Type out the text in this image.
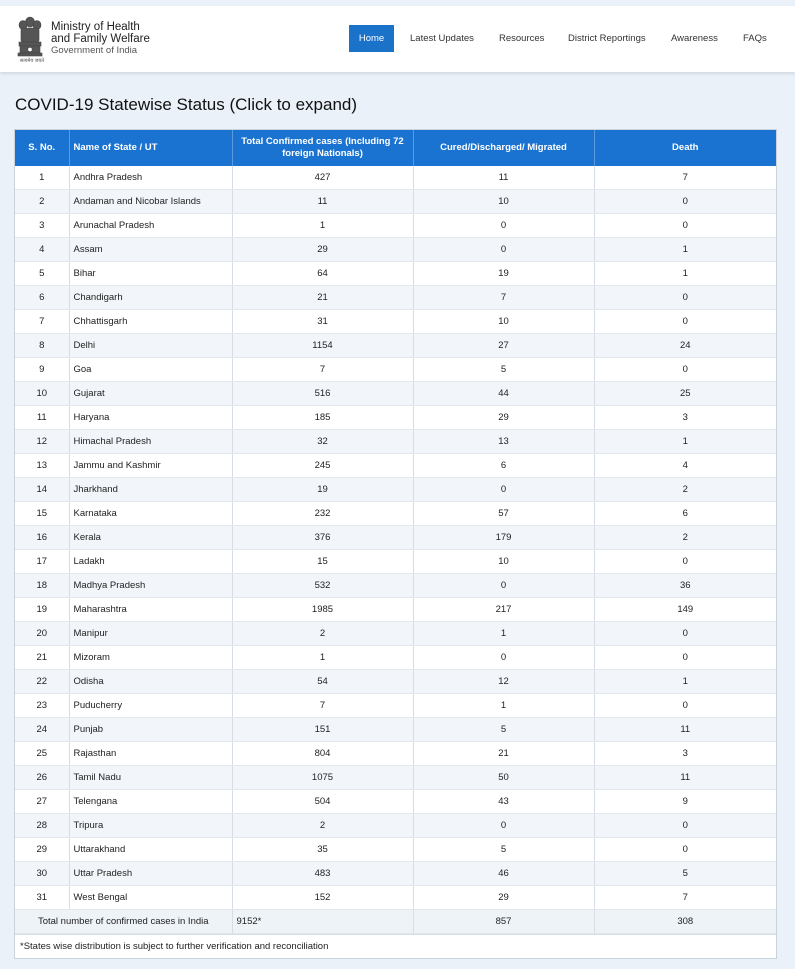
सत्यमेव जयते
Ministry of Health
and Family Welfare
Government of India
Home	Latest Updates	Resources District Reportings	Awareness	FAQs
COVID-19 Statewise Status (Click to expand)
S. No.	Name of State / UT	Total Confirmed cases (Including 72 foreign Nationals)	Cured/Discharged/ Migrated	Death
1	Andhra Pradesh	427	11	7
2	Andaman and Nicobar Islands	11	10	0
3	Arunachal Pradesh	1	0	0
4	Assam	29	0	1
5	Bihar	64	19	1
6	Chandigarh	21	7	0
7	Chhattisgarh	31	10	0
8	Delhi	1154	27	24
9	Goa	7	5	0
10	Gujarat	516	44	25
11	Haryana	185	29	3
12	Himachal Pradesh	32	13	1
13	Jammu and Kashmir	245	6	4
14	Jharkhand	19	0	2
15	Karnataka	232	57	6
16	Kerala	376	179	2
17	Ladakh	15	10	0
18	Madhya Pradesh	532	0	36
19	Maharashtra	1985	217	149
20	Manipur	2	1	0
21	Mizoram	1	0	0
22	Odisha	54	12	1
23	Puducherry	7	1	0
24	Punjab	151	5	11
25	Rajasthan	804	21	3
26	Tamil Nadu	1075	50	11
27	Telengana	504	43	9
28	Tripura	2	0	0
29	Uttarakhand	35	5	0
30	Uttar Pradesh	483	46	5
31	West Bengal	152	29	7
Total number of confirmed cases in India		9152*	857	308
*States wise distribution is subject to further verification and reconciliation
